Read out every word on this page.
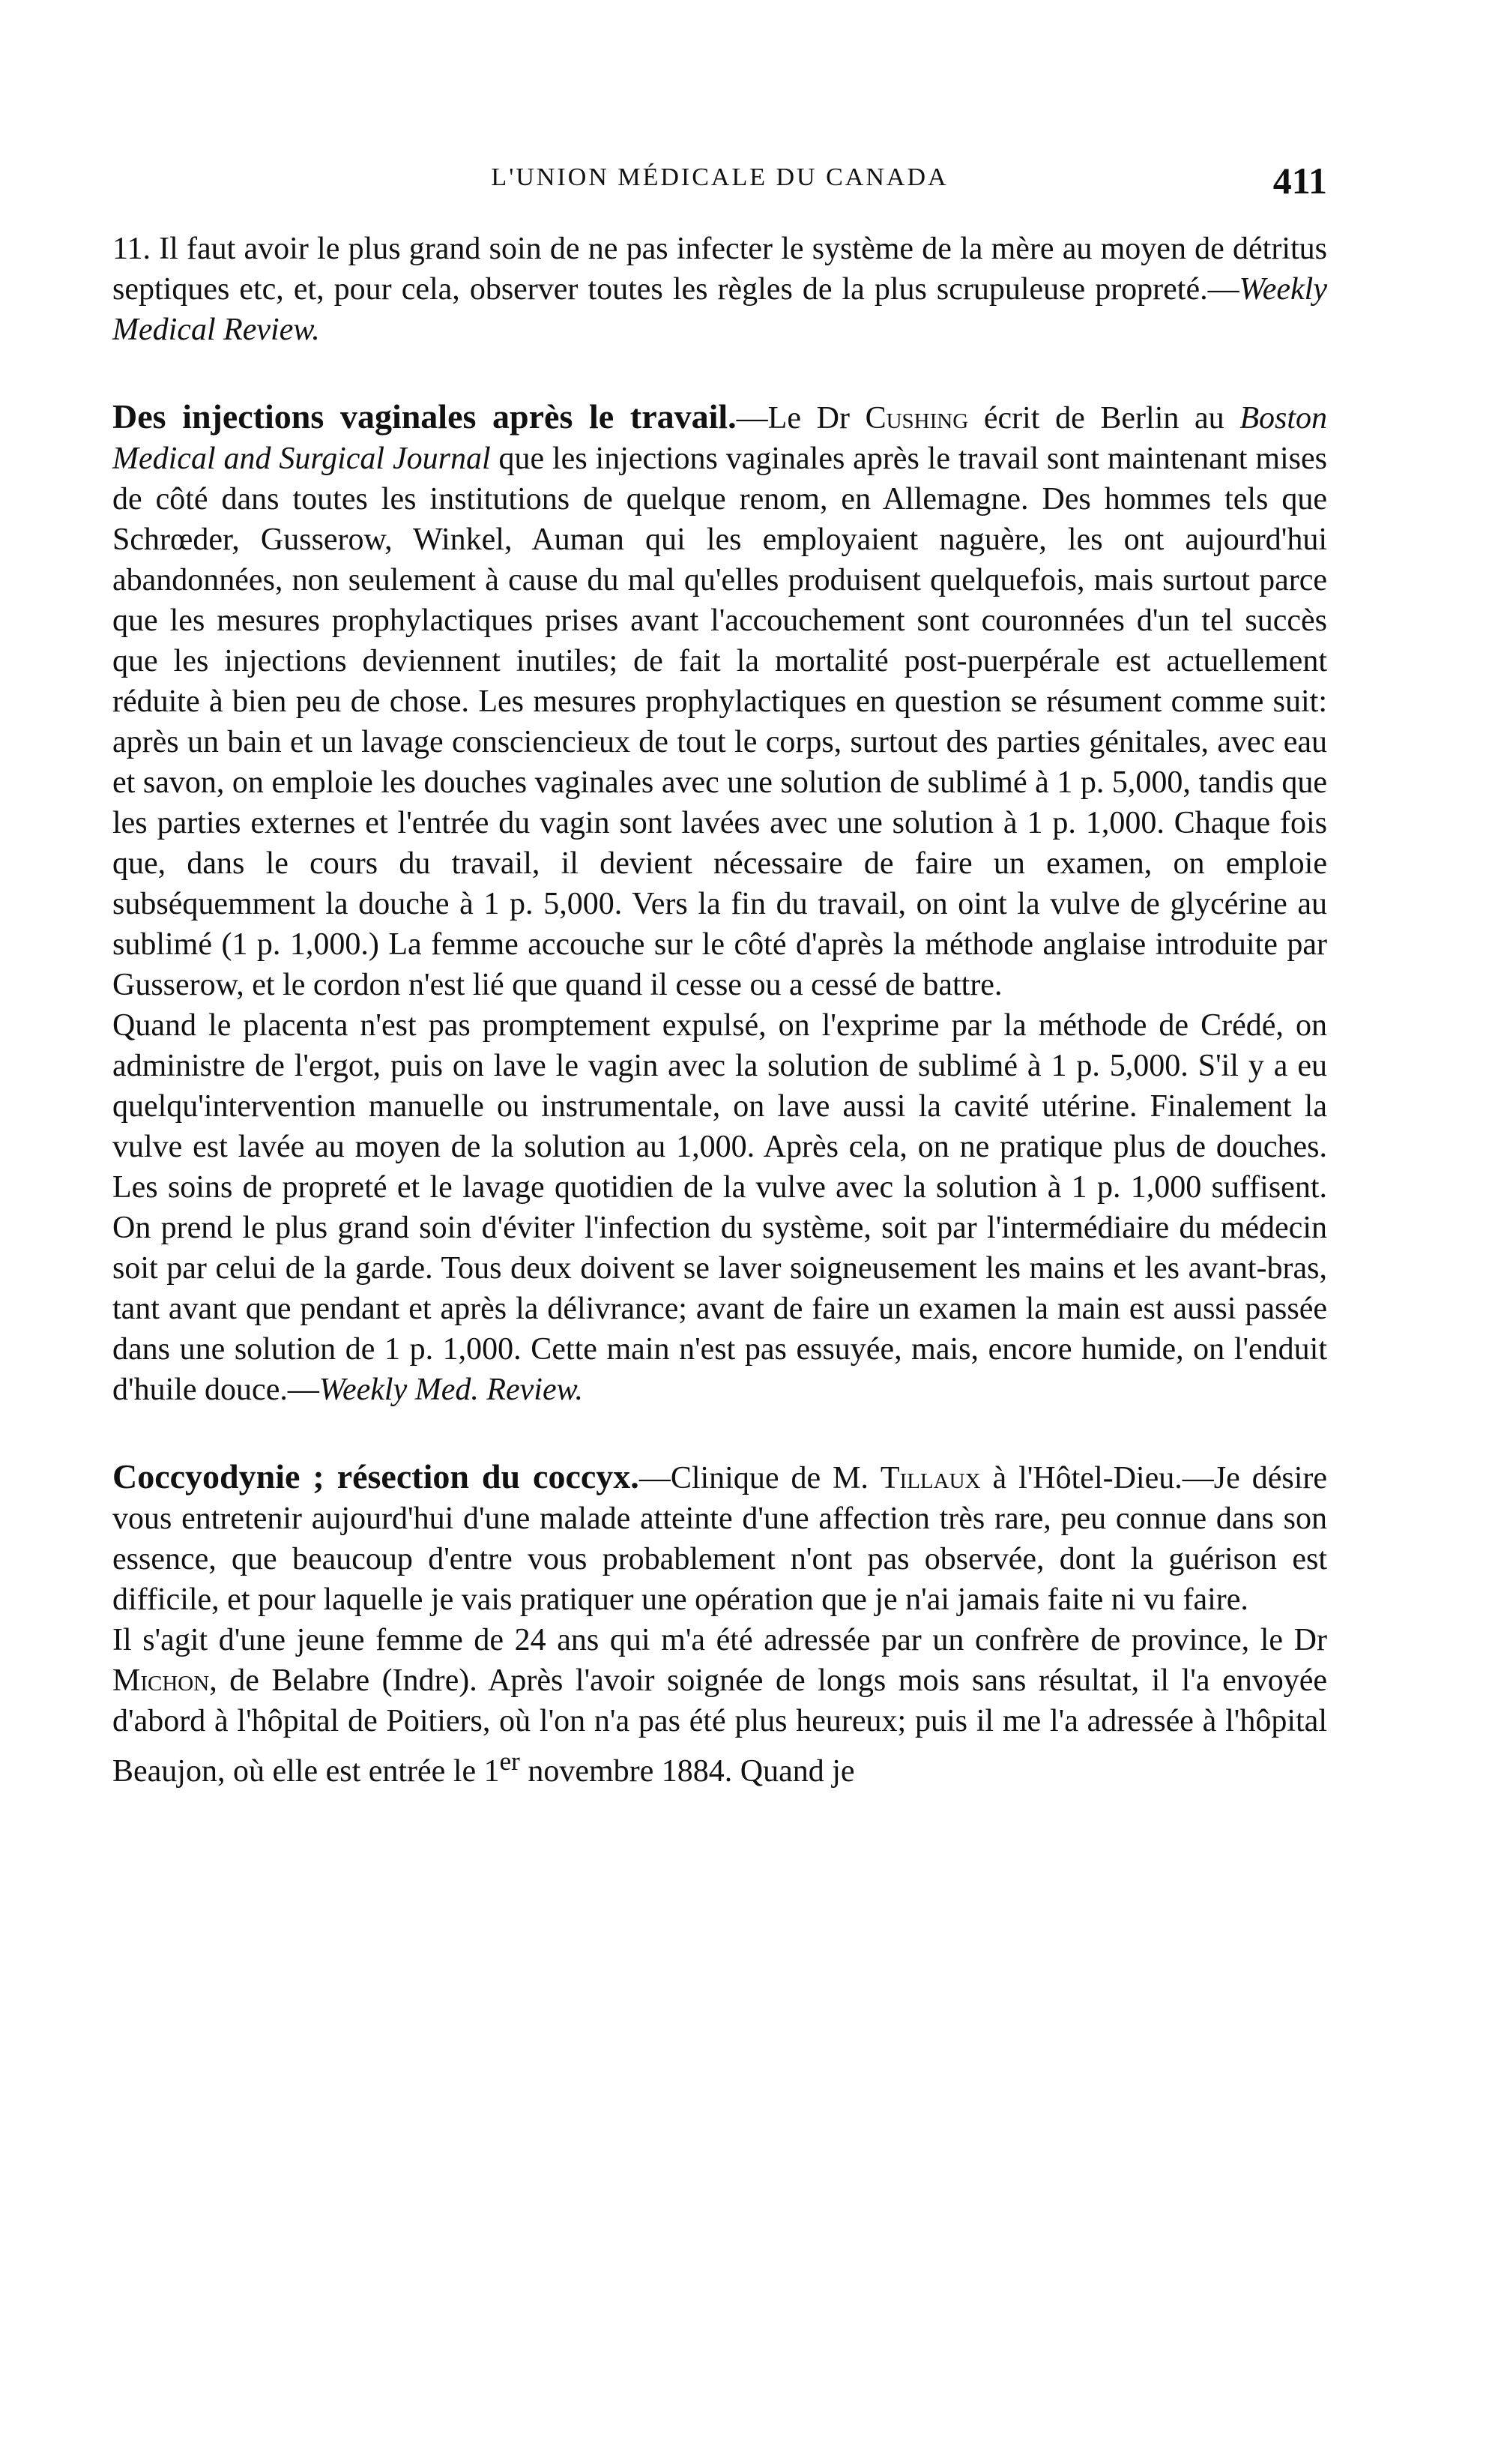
L'UNION MÉDICALE DU CANADA	411

11. Il faut avoir le plus grand soin de ne pas infecter le système de la mère au moyen de détritus septiques etc, et, pour cela, observer toutes les règles de la plus scrupuleuse propreté.—Weekly Medical Review.

Des injections vaginales après le travail.—Le Dr Cushing écrit de Berlin au Boston Medical and Surgical Journal que les injections vaginales après le travail sont maintenant mises de côté dans toutes les institutions de quelque renom, en Allemagne. Des hommes tels que Schrœder, Gusserow, Winkel, Auman qui les employaient naguère, les ont aujourd'hui abandonnées, non seulement à cause du mal qu'elles produisent quelquefois, mais surtout parce que les mesures prophylactiques prises avant l'accouchement sont couronnées d'un tel succès que les injections deviennent inutiles; de fait la mortalité post-puerpérale est actuellement réduite à bien peu de chose. Les mesures prophylactiques en question se résument comme suit: après un bain et un lavage consciencieux de tout le corps, surtout des parties génitales, avec eau et savon, on emploie les douches vaginales avec une solution de sublimé à 1 p. 5,000, tandis que les parties externes et l'entrée du vagin sont lavées avec une solution à 1 p. 1,000. Chaque fois que, dans le cours du travail, il devient nécessaire de faire un examen, on emploie subséquemment la douche à 1 p. 5,000. Vers la fin du travail, on oint la vulve de glycérine au sublimé (1 p. 1,000.) La femme accouche sur le côté d'après la méthode anglaise introduite par Gusserow, et le cordon n'est lié que quand il cesse ou a cessé de battre.

Quand le placenta n'est pas promptement expulsé, on l'exprime par la méthode de Crédé, on administre de l'ergot, puis on lave le vagin avec la solution de sublimé à 1 p. 5,000. S'il y a eu quelqu'intervention manuelle ou instrumentale, on lave aussi la cavité utérine. Finalement la vulve est lavée au moyen de la solution au 1,000. Après cela, on ne pratique plus de douches. Les soins de propreté et le lavage quotidien de la vulve avec la solution à 1 p. 1,000 suffisent. On prend le plus grand soin d'éviter l'infection du système, soit par l'intermédiaire du médecin soit par celui de la garde. Tous deux doivent se laver soigneusement les mains et les avant-bras, tant avant que pendant et après la délivrance; avant de faire un examen la main est aussi passée dans une solution de 1 p. 1,000. Cette main n'est pas essuyée, mais, encore humide, on l'enduit d'huile douce.—Weekly Med. Review.

Coccyodynie ; résection du coccyx.—Clinique de M. Tillaux à l'Hôtel-Dieu.—Je désire vous entretenir aujourd'hui d'une malade atteinte d'une affection très rare, peu connue dans son essence, que beaucoup d'entre vous probablement n'ont pas observée, dont la guérison est difficile, et pour laquelle je vais pratiquer une opération que je n'ai jamais faite ni vu faire.

Il s'agit d'une jeune femme de 24 ans qui m'a été adressée par un confrère de province, le Dr Michon, de Belabre (Indre). Après l'avoir soignée de longs mois sans résultat, il l'a envoyée d'abord à l'hôpital de Poitiers, où l'on n'a pas été plus heureux; puis il me l'a adressée à l'hôpital Beaujon, où elle est entrée le 1er novembre 1884. Quand je
